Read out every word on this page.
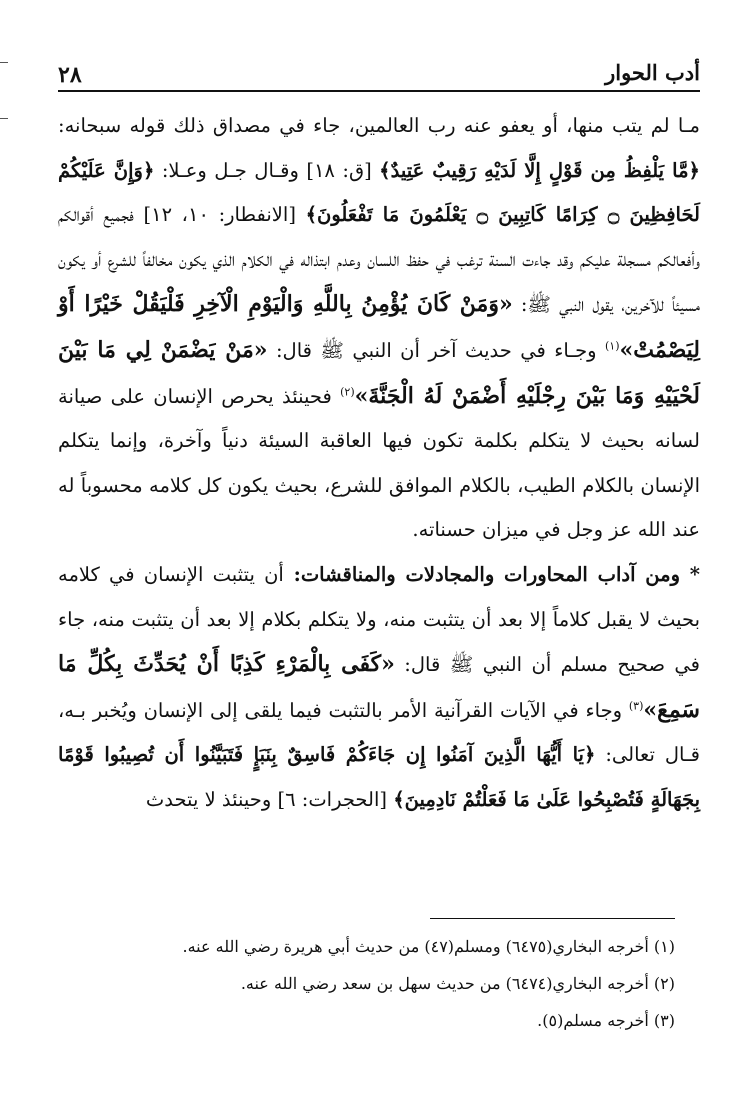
٢٨	أدب الحوار

مـا لم يتب منها، أو يعفو عنه رب العالمين، جاء في مصداق ذلك قوله سبحانه: ﴿مَّا يَلْفِظُ مِن قَوْلٍ إِلَّا لَدَيْهِ رَقِيبٌ عَتِيدٌ﴾ [ق: ١٨] وقـال جـل وعـلا: ﴿وَإِنَّ عَلَيْكُمْ لَحَافِظِينَ ۝ كِرَامًا كَاتِبِينَ ۝ يَعْلَمُونَ مَا تَفْعَلُونَ﴾ [الانفطار: ١٠، ١٢] فجميع أقوالكم وأفعالكم مسجلة عليكم وقد جاءت السنة ترغب في حفظ اللسان وعدم ابتذاله في الكلام الذي يكون مخالفاً للشرع أو يكون مسيئاً للآخرين، يقول النبي ﷺ: «وَمَنْ كَانَ يُؤْمِنُ بِاللَّهِ وَالْيَوْمِ الْآخِرِ فَلْيَقُلْ خَيْرًا أَوْ لِيَصْمُتْ»$^{(١)}$ وجـاء في حديث آخر أن النبي ﷺ قال: «مَنْ يَضْمَنْ لِي مَا بَيْنَ لَحْيَيْهِ وَمَا بَيْنَ رِجْلَيْهِ أَضْمَنْ لَهُ الْجَنَّةَ»$^{(٢)}$ فحينئذ يحرص الإنسان على صيانة لسانه بحيث لا يتكلم بكلمة تكون فيها العاقبة السيئة دنياً وآخرة، وإنما يتكلم الإنسان بالكلام الطيب، بالكلام الموافق للشرع، بحيث يكون كل كلامه محسوباً له عند الله عز وجل في ميزان حسناته.

* ومن آداب المحاورات والمجادلات والمناقشات: أن يتثبت الإنسان في كلامه بحيث لا يقبل كلاماً إلا بعد أن يتثبت منه، ولا يتكلم بكلام إلا بعد أن يتثبت منه، جاء في صحيح مسلم أن النبي ﷺ قال: «كَفَى بِالْمَرْءِ كَذِبًا أَنْ يُحَدِّثَ بِكُلِّ مَا سَمِعَ»$^{(٣)}$ وجاء في الآيات القرآنية الأمر بالتثبت فيما يلقى إلى الإنسان ويُخبر بـه، قـال تعالى: ﴿يَا أَيُّهَا الَّذِينَ آمَنُوا إِن جَاءَكُمْ فَاسِقٌ بِنَبَإٍ فَتَبَيَّنُوا أَن تُصِيبُوا قَوْمًا بِجَهَالَةٍ فَتُصْبِحُوا عَلَىٰ مَا فَعَلْتُمْ نَادِمِينَ﴾ [الحجرات: ٦] وحينئذ لا يتحدث

(١) أخرجه البخاري(٦٤٧٥) ومسلم(٤٧) من حديث أبي هريرة رضي الله عنه.
(٢) أخرجه البخاري(٦٤٧٤) من حديث سهل بن سعد رضي الله عنه.
(٣) أخرجه مسلم(٥).
